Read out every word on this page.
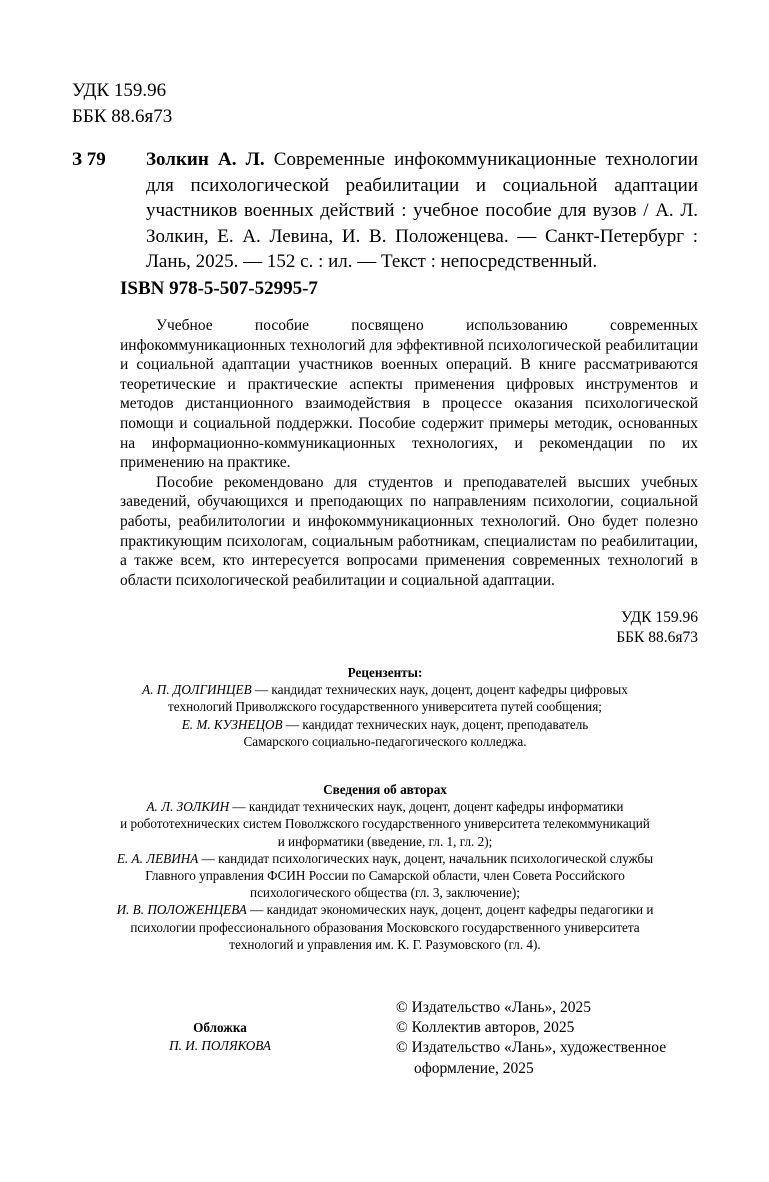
УДК 159.96
ББК 88.6я73
З 79 Золкин А. Л. Современные инфокоммуникационные технологии для психологической реабилитации и социальной адаптации участников военных действий : учебное пособие для вузов / А. Л. Золкин, Е. А. Левина, И. В. Положенцева. — Санкт-Петербург : Лань, 2025. — 152 с. : ил. — Текст : непосредственный.
ISBN 978-5-507-52995-7

Учебное пособие посвящено использованию современных инфокоммуникационных технологий для эффективной психологической реабилитации и социальной адаптации участников военных операций. В книге рассматриваются теоретические и практические аспекты применения цифровых инструментов и методов дистанционного взаимодействия в процессе оказания психологической помощи и социальной поддержки. Пособие содержит примеры методик, основанных на информационно-коммуникационных технологиях, и рекомендации по их применению на практике.

Пособие рекомендовано для студентов и преподавателей высших учебных заведений, обучающихся и преподающих по направлениям психологии, социальной работы, реабилитологии и инфокоммуникационных технологий. Оно будет полезно практикующим психологам, социальным работникам, специалистам по реабилитации, а также всем, кто интересуется вопросами применения современных технологий в области психологической реабилитации и социальной адаптации.

УДК 159.96
ББК 88.6я73
Рецензенты:
А. П. ДОЛГИНЦЕВ — кандидат технических наук, доцент, доцент кафедры цифровых
технологий Приволжского государственного университета путей сообщения;
Е. М. КУЗНЕЦОВ — кандидат технических наук, доцент, преподаватель
Самарского социально-педагогического колледжа.
Сведения об авторах
А. Л. ЗОЛКИН — кандидат технических наук, доцент, доцент кафедры информатики
и робототехнических систем Поволжского государственного университета телекоммуникаций
и информатики (введение, гл. 1, гл. 2);
Е. А. ЛЕВИНА — кандидат психологических наук, доцент, начальник психологической службы
Главного управления ФСИН России по Самарской области, член Совета Российского
психологического общества (гл. 3, заключение);
И. В. ПОЛОЖЕНЦЕВА — кандидат экономических наук, доцент, доцент кафедры педагогики и
психологии профессионального образования Московского государственного университета
технологий и управления им. К. Г. Разумовского (гл. 4).
Обложка
П. И. ПОЛЯКОВА
© Издательство «Лань», 2025
© Коллектив авторов, 2025
© Издательство «Лань», художественное оформление, 2025
